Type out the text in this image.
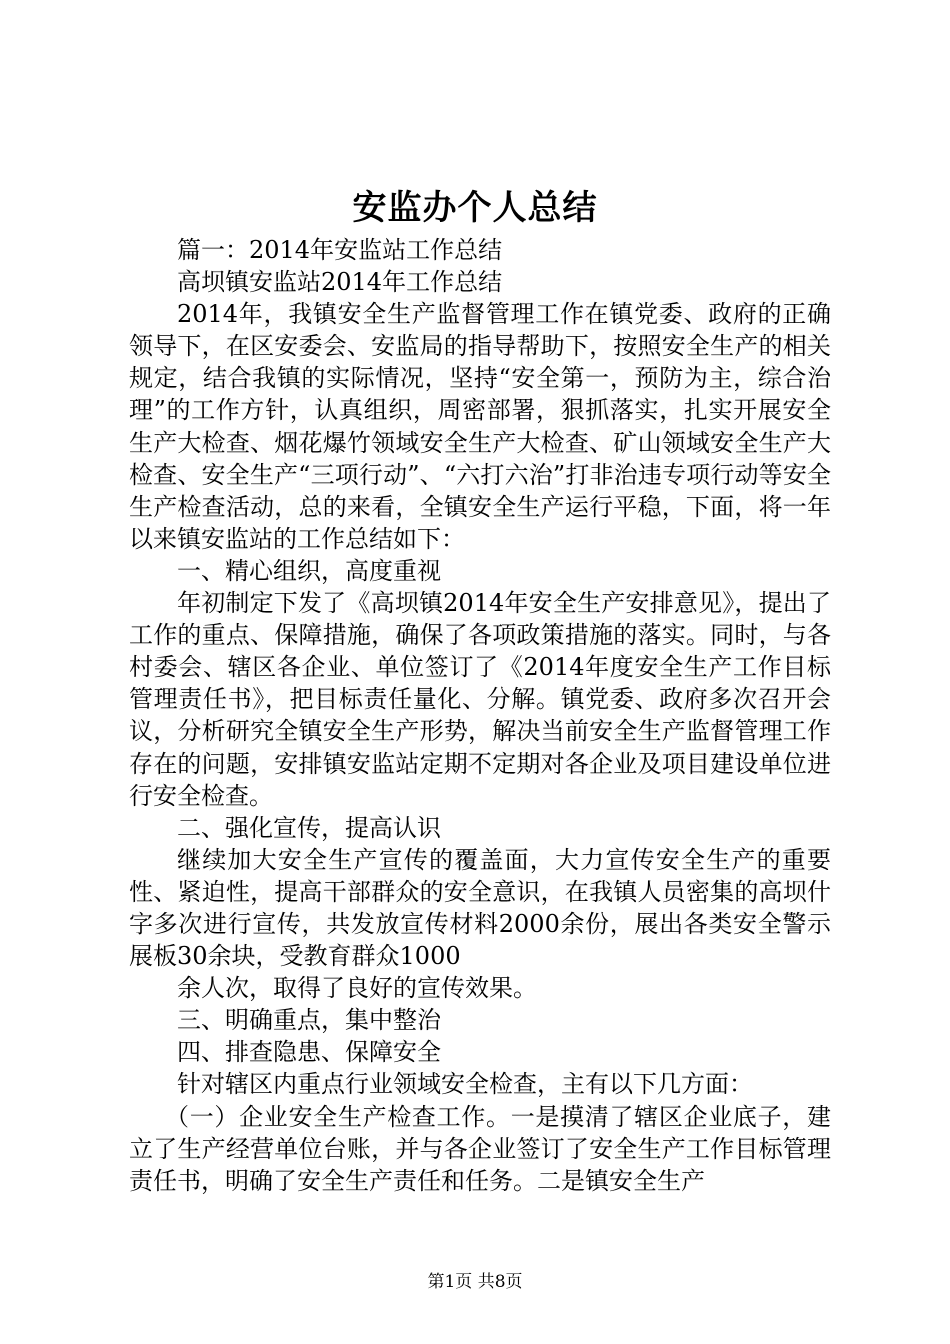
安监办个人总结

篇一：2014年安监站工作总结

高坝镇安监站2014年工作总结

2014年，我镇安全生产监督管理工作在镇党委、政府的正确领导下，在区安委会、安监局的指导帮助下，按照安全生产的相关规定，结合我镇的实际情况，坚持“安全第一，预防为主，综合治理”的工作方针，认真组织，周密部署，狠抓落实，扎实开展安全生产大检查、烟花爆竹领域安全生产大检查、矿山领域安全生产大检查、安全生产“三项行动”、“六打六治”打非治违专项行动等安全生产检查活动，总的来看，全镇安全生产运行平稳，下面，将一年以来镇安监站的工作总结如下：

一、精心组织，高度重视

年初制定下发了《高坝镇2014年安全生产安排意见》，提出了工作的重点、保障措施，确保了各项政策措施的落实。同时，与各村委会、辖区各企业、单位签订了《2014年度安全生产工作目标管理责任书》，把目标责任量化、分解。镇党委、政府多次召开会议，分析研究全镇安全生产形势，解决当前安全生产监督管理工作存在的问题，安排镇安监站定期不定期对各企业及项目建设单位进行安全检查。

二、强化宣传，提高认识

继续加大安全生产宣传的覆盖面，大力宣传安全生产的重要性、紧迫性，提高干部群众的安全意识，在我镇人员密集的高坝什字多次进行宣传，共发放宣传材料2000余份，展出各类安全警示展板30余块，受教育群众1000

余人次，取得了良好的宣传效果。

三、明确重点，集中整治

四、排查隐患、保障安全

针对辖区内重点行业领域安全检查，主有以下几方面：

（一）企业安全生产检查工作。一是摸清了辖区企业底子，建立了生产经营单位台账，并与各企业签订了安全生产工作目标管理责任书，明确了安全生产责任和任务。二是镇安全生产

第1页 共8页
